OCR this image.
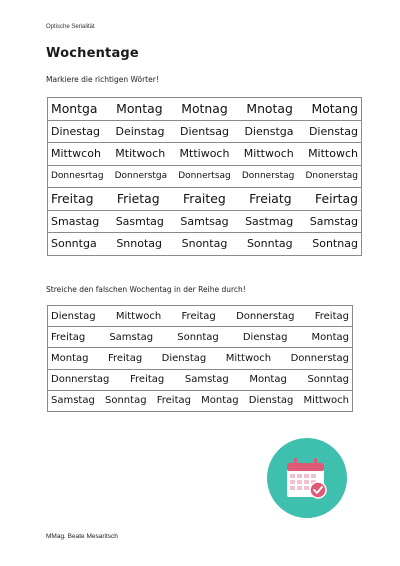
Optische Serialität
Wochentage
Markiere die richtigen Wörter!
Montga Montag Motnag Mnotag Motang

Dinestag Deinstag Dientsag Dienstga Dienstag

Mittwcoh Mtitwoch Mttiwoch Mittwoch Mittowch

Donnesrtag Donnerstga Donnertsag Donnerstag Dnonerstag

Freitag Frietag Fraiteg Freiatg Feirtag

Smastag Sasmtag Samtsag Sastmag Samstag

Sonntga Snnotag Snontag Sonntag Sontnag
Streiche den falschen Wochentag in der Reihe durch!
Dienstag Mittwoch Freitag Donnerstag Freitag

Freitag Samstag Sonntag Dienstag Montag

Montag Freitag Dienstag Mittwoch Donnerstag

Donnerstag Freitag Samstag Montag Sonntag

Samstag Sonntag Freitag Montag Dienstag Mittwoch
MMag. Beate Mesaritsch
